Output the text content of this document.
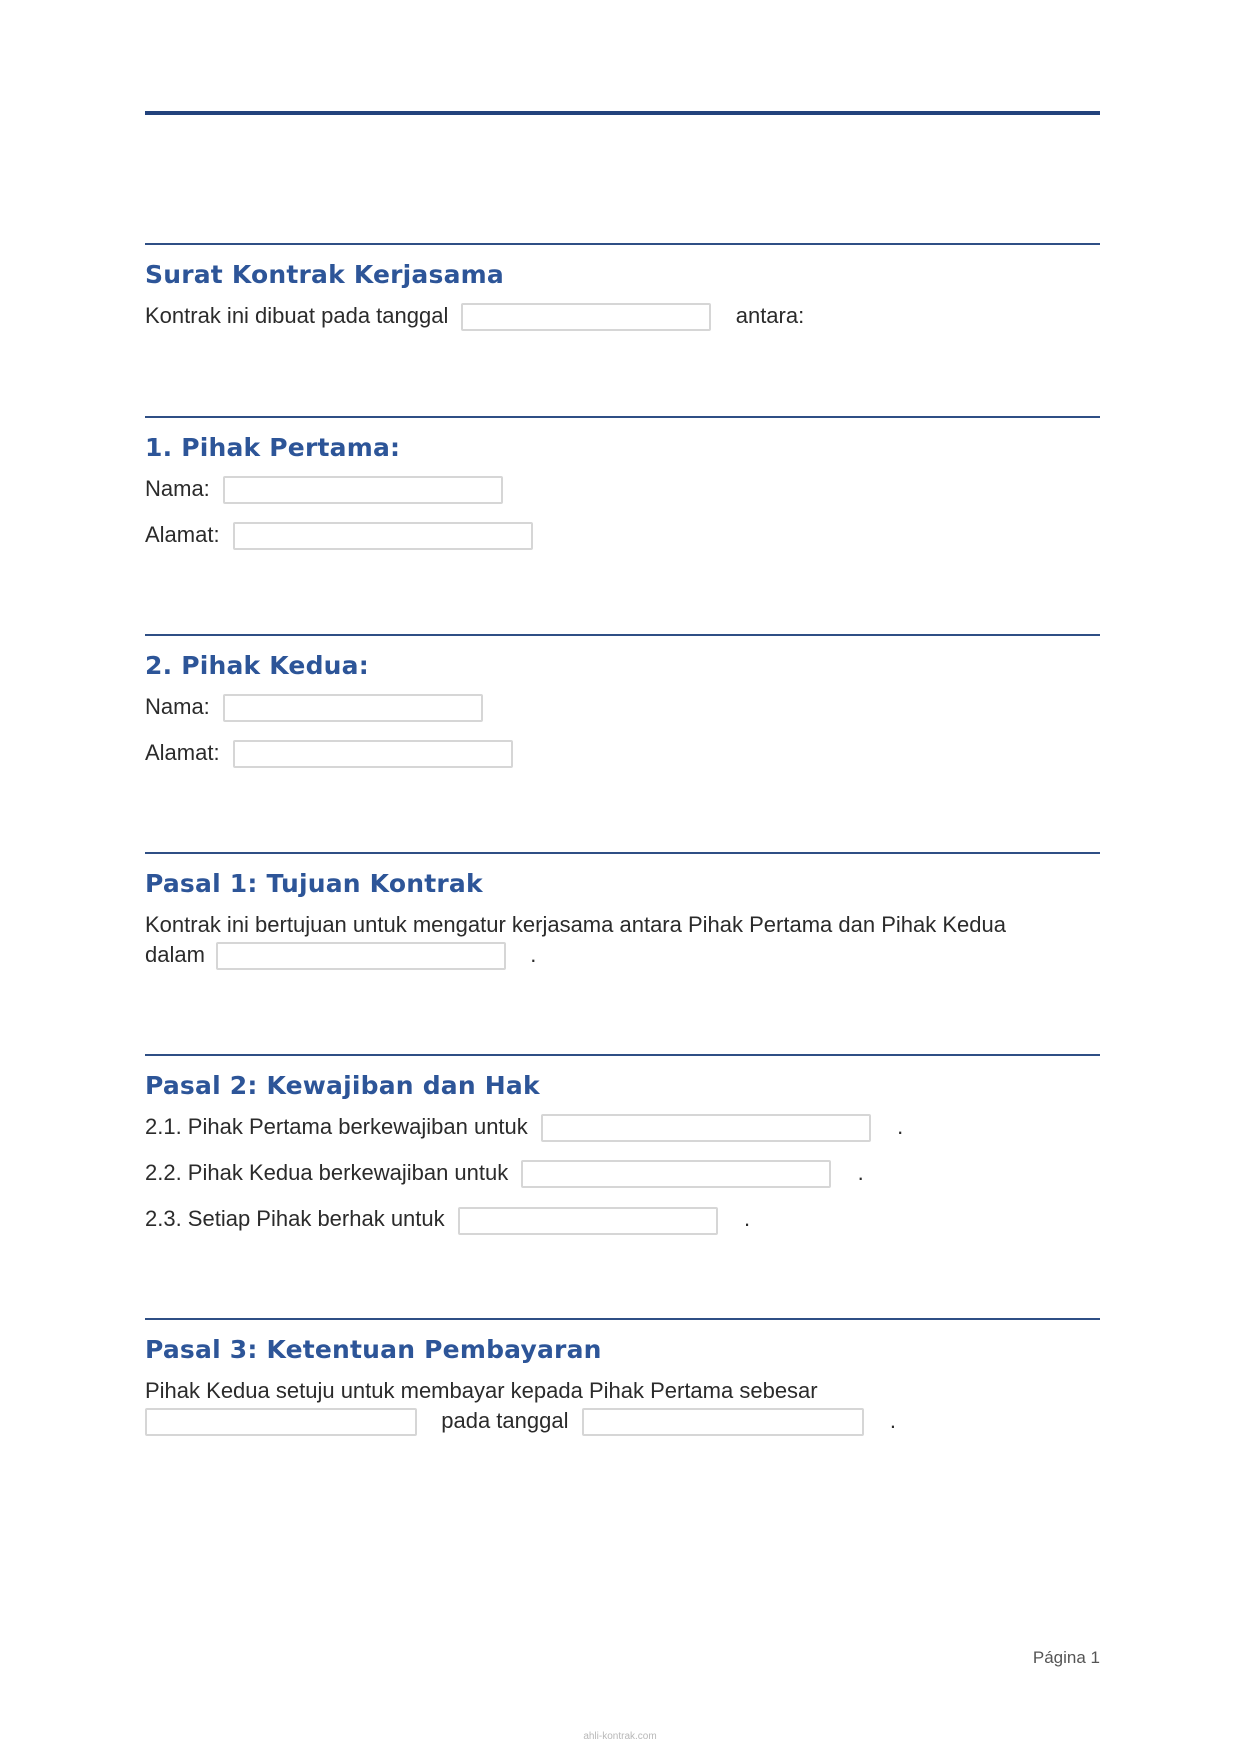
Surat Kontrak Kerjasama
Kontrak ini dibuat pada tanggal	antara:
1. Pihak Pertama:
Nama:
Alamat:
2. Pihak Kedua:
Nama:
Alamat:
Pasal 1: Tujuan Kontrak
Kontrak ini bertujuan untuk mengatur kerjasama antara Pihak Pertama dan Pihak Kedua
dalam	.
Pasal 2: Kewajiban dan Hak
2.1. Pihak Pertama berkewajiban untuk	.
2.2. Pihak Kedua berkewajiban untuk	.
2.3. Setiap Pihak berhak untuk	.
Pasal 3: Ketentuan Pembayaran
Pihak Kedua setuju untuk membayar kepada Pihak Pertama sebesar
pada tanggal	.
Página 1
ahli-kontrak.com
